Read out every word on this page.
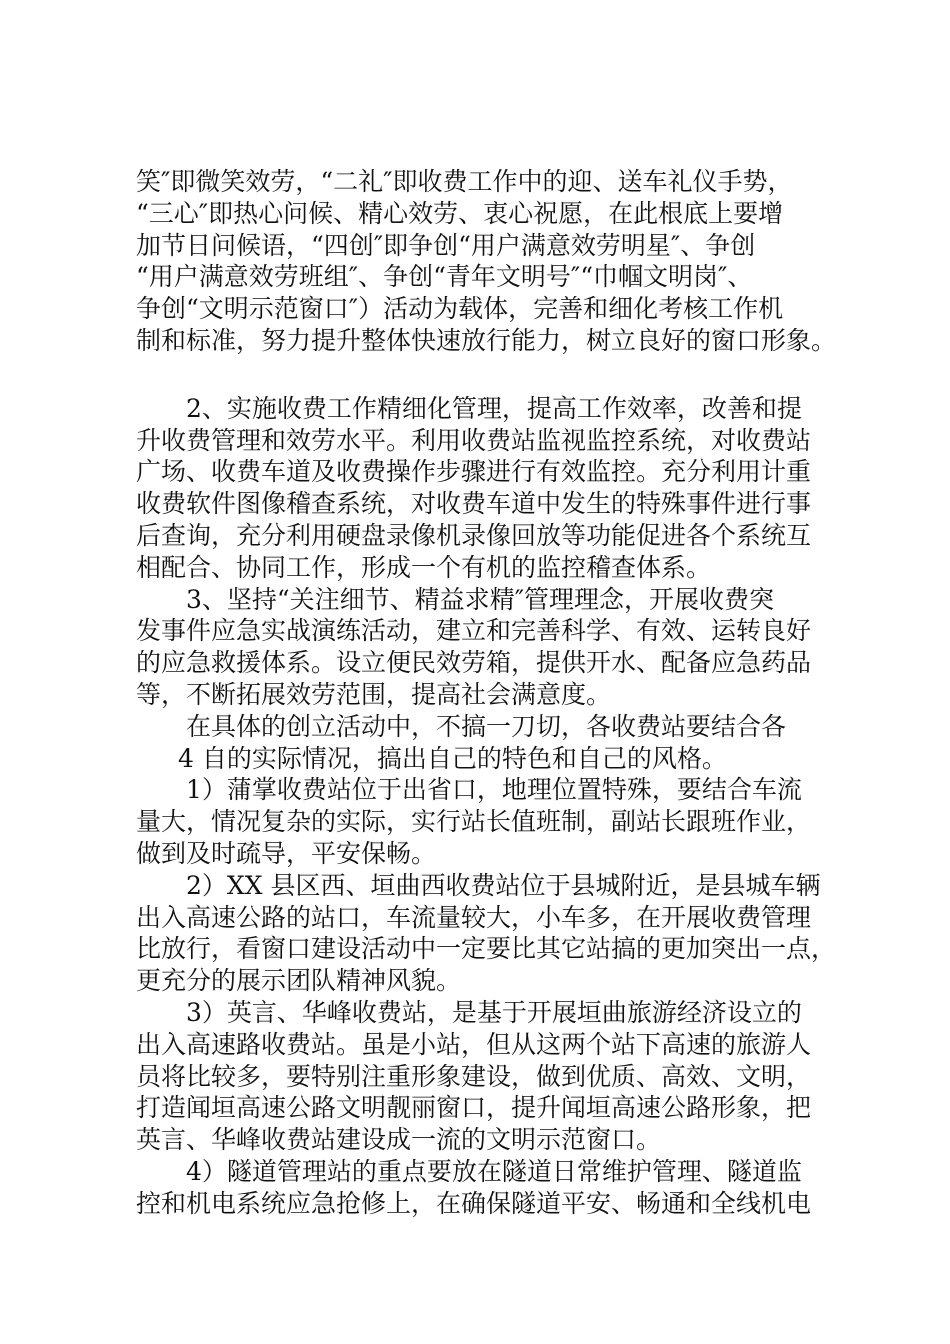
笑″即微笑效劳，“二礼″即收费工作中的迎、送车礼仪手势，
“三心″即热心问候、精心效劳、衷心祝愿，在此根底上要增
加节日问候语，“四创″即争创“用户满意效劳明星″、争创
“用户满意效劳班组″、争创“青年文明号″“巾帼文明岗″、
争创“文明示范窗口″）活动为载体，完善和细化考核工作机
制和标准，努力提升整体快速放行能力，树立良好的窗口形象。
2、实施收费工作精细化管理，提高工作效率，改善和提
升收费管理和效劳水平。利用收费站监视监控系统，对收费站
广场、收费车道及收费操作步骤进行有效监控。充分利用计重
收费软件图像稽查系统，对收费车道中发生的特殊事件进行事
后查询，充分利用硬盘录像机录像回放等功能促进各个系统互
相配合、协同工作，形成一个有机的监控稽查体系。
3、坚持“关注细节、精益求精″管理理念，开展收费突
发事件应急实战演练活动，建立和完善科学、有效、运转良好
的应急救援体系。设立便民效劳箱，提供开水、配备应急药品
等，不断拓展效劳范围，提高社会满意度。
在具体的创立活动中，不搞一刀切，各收费站要结合各
4 自的实际情况，搞出自己的特色和自己的风格。
1）蒲掌收费站位于出省口，地理位置特殊，要结合车流
量大，情况复杂的实际，实行站长值班制，副站长跟班作业，
做到及时疏导，平安保畅。
2）XX 县区西、垣曲西收费站位于县城附近，是县城车辆
出入高速公路的站口，车流量较大，小车多，在开展收费管理
比放行，看窗口建设活动中一定要比其它站搞的更加突出一点，
更充分的展示团队精神风貌。
3）英言、华峰收费站，是基于开展垣曲旅游经济设立的
出入高速路收费站。虽是小站，但从这两个站下高速的旅游人
员将比较多，要特别注重形象建设，做到优质、高效、文明，
打造闻垣高速公路文明靓丽窗口，提升闻垣高速公路形象，把
英言、华峰收费站建设成一流的文明示范窗口。
4）隧道管理站的重点要放在隧道日常维护管理、隧道监
控和机电系统应急抢修上，在确保隧道平安、畅通和全线机电
